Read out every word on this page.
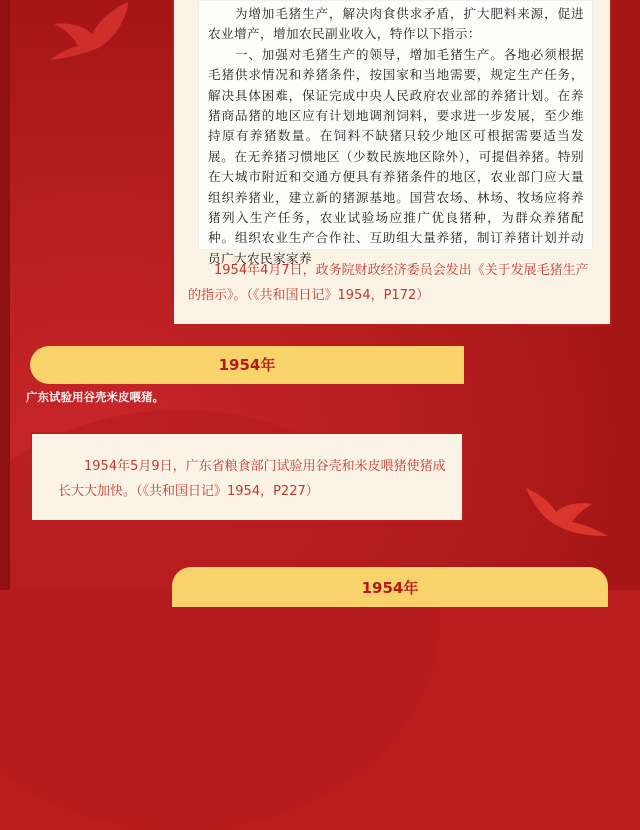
　　为增加毛猪生产，解决肉食供求矛盾，扩大肥料来源，促进农业增产，增加农民副业收入，特作以下指示：
　　一、加强对毛猪生产的领导，增加毛猪生产。各地必须根据毛猪供求情况和养猪条件，按国家和当地需要，规定生产任务，解决具体困难，保证完成中央人民政府农业部的养猪计划。在养猪商品猪的地区应有计划地调剂饲料，要求进一步发展，至少维持原有养猪数量。在饲料不缺猪只较少地区可根据需要适当发展。在无养猪习惯地区（少数民族地区除外），可提倡养猪。特别在大城市附近和交通方便具有养猪条件的地区，农业部门应大量组织养猪业，建立新的猪源基地。国营农场、林场、牧场应将养猪列入生产任务，农业试验场应推广优良猪种，为群众养猪配种。组织农业生产合作社、互助组大量养猪，制订养猪计划并动员广大农民家家养
　　1954年4月7日，政务院财政经济委员会发出《关于发展毛猪生产的指示》。（《共和国日记》1954，P172）
1954年
广东试验用谷壳米皮喂猪。
　　1954年5月9日，广东省粮食部门试验用谷壳和米皮喂猪使猪成长大大加快。（《共和国日记》1954，P227）
1954年
